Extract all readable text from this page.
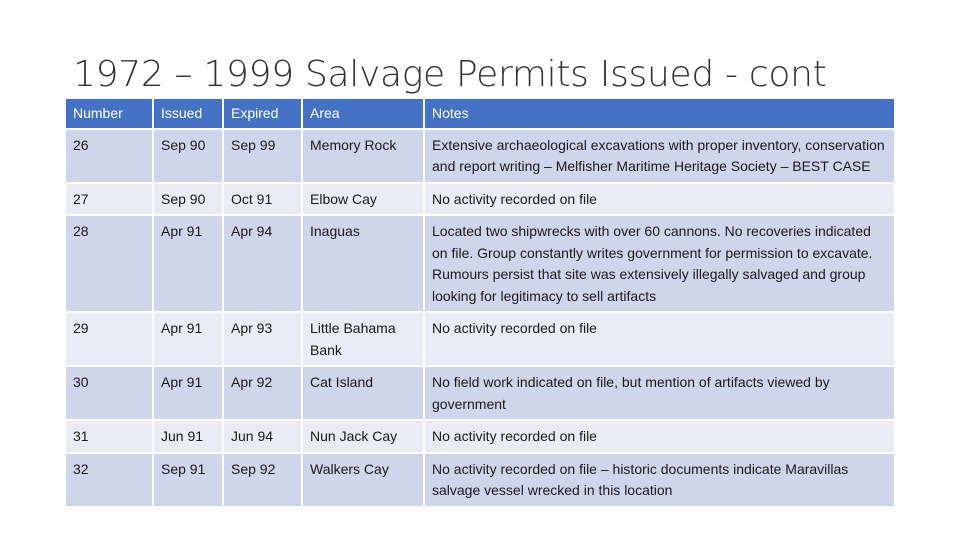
1972 – 1999 Salvage Permits Issued - cont
Number	Issued	Expired	Area	Notes
26	Sep 90	Sep 99	Memory Rock	Extensive archaeological excavations with proper inventory, conservation and report writing – Melfisher Maritime Heritage Society – BEST CASE
27	Sep 90	Oct 91	Elbow Cay	No activity recorded on file
28	Apr 91	Apr 94	Inaguas	Located two shipwrecks with over 60 cannons. No recoveries indicated on file. Group constantly writes government for permission to excavate. Rumours persist that site was extensively illegally salvaged and group looking for legitimacy to sell artifacts
29	Apr 91	Apr 93	Little Bahama Bank	No activity recorded on file
30	Apr 91	Apr 92	Cat Island	No field work indicated on file, but mention of artifacts viewed by government
31	Jun 91	Jun 94	Nun Jack Cay	No activity recorded on file
32	Sep 91	Sep 92	Walkers Cay	No activity recorded on file – historic documents indicate Maravillas salvage vessel wrecked in this location
